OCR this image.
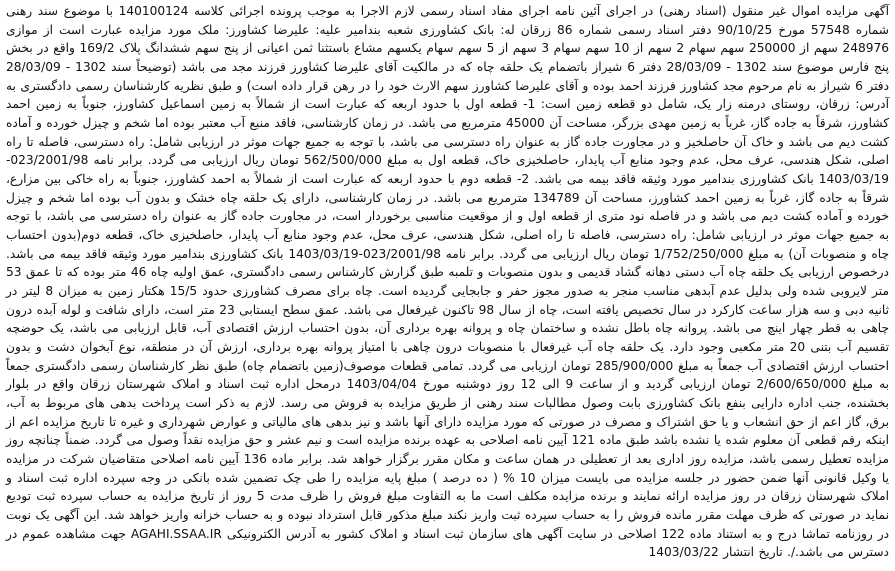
آگهی مزایده اموال غیر منقول (اسناد رهنی) در اجرای آئین نامه اجرای مفاد اسناد رسمی لازم الاجرا به موجب پرونده اجرائی کلاسه 140100124 با موضوع سند رهنی شماره 57548 مورخ 90/10/25 دفتر اسناد رسمی شماره 86 زرقان له: بانک کشاورزی شعبه بندامیر علیه: علیرضا کشاورز: ملک مورد مزایده عبارت است از موازی 248976 سهم از 250000 سهم سهام 2 سهم از 10 سهم سهام 3 سهم از 5 سهم سهام یکسهم مشاع باستثنا ثمن اعیانی از پنج سهم ششدانگ پلاک 169/2 واقع در بخش پنج فارس موضوع سند 1302 - 28/03/09 دفتر 6 شیراز باتضمام یک حلقه چاه که در مالکیت آقای علیرضا کشاورز فرزند مجد می باشد (توضیحاً سند 1302 - 28/03/09 دفتر 6 شیراز به نام مرحوم مجد کشاورز فرزند احمد بوده و آقای علیرضا کشاورز سهم الارث خود را در رهن قرار داده است) و طبق نظریه کارشناسان رسمی دادگستری به آدرس: زرقان، روستای درمنه زار یک، شامل دو قطعه زمین است: 1- قطعه اول با حدود اربعه که عبارت است از شمالاً به زمین اسماعیل کشاورز، جنوباً به زمین احمد کشاورز، شرقاً به جاده گاز، غرباً به زمین مهدی بزرگر، مساحت آن 45000 مترمربع می باشد. در زمان کارشناسی، فاقد منبع آب معتبر بوده اما شخم و چیزل خورده و آماده کشت دیم می باشد و خاک آن حاصلخیز و در مجاورت جاده گاز به عنوان راه دسترسی می باشد، با توجه به جمیع جهات موثر در ارزیابی شامل: راه دسترسی، فاصله تا راه اصلی، شکل هندسی، عرف محل، عدم وجود منابع آب پایدار، حاصلخیزی خاک، قطعه اول به مبلغ 562/500/000 تومان ریال ارزیابی می گردد. برابر نامه 023/2001/98-1403/03/19 بانک کشاورزی بندامیر مورد وثیقه فاقد بیمه می باشد. 2- قطعه دوم با حدود اربعه که عبارت است از شمالاً به احمد کشاورز، جنوباً به راه خاکی بین مزارع، شرقاً به جاده گاز، غرباً به زمین احمد کشاورز، مساحت آن 134789 مترمربع می باشد. در زمان کارشناسی، دارای یک حلقه چاه خشک و بدون آب بوده اما شخم و چیزل خورده و آماده کشت دیم می باشد و در فاصله نود متری از قطعه اول و از موقعیت مناسبی برخوردار است، در مجاورت جاده گاز به عنوان راه دسترسی می باشد، با توجه به جمیع جهات موثر در ارزیابی شامل: راه دسترسی، فاصله تا راه اصلی، شکل هندسی، عرف محل، عدم وجود منابع آب پایدار، حاصلخیزی خاک، قطعه دوم(بدون احتساب چاه و منصوبات آن) به مبلغ 1/752/250/000 تومان ریال ارزیابی می گردد. برابر نامه 023/2001/98-1403/03/19 بانک کشاورزی بندامیر مورد وثیقه فاقد بیمه می باشد. درخصوص ارزیابی یک حلقه چاه آب دستی دهانه گشاد قدیمی و بدون منصوبات و تلمبه طبق گزارش کارشناس رسمی دادگستری، عمق اولیه چاه 46 متر بوده که تا عمق 53 متر لایروبی شده ولی بدلیل عدم آبدهی مناسب منجر به صدور مجوز حفر و جابجایی گردیده است. چاه برای مصرف کشاورزی حدود 15/5 هکتار زمین به میزان 8 لیتر در ثانیه دبی و سه هزار ساعت کارکرد در سال تخصیص یافته است، چاه از سال 98 تاکنون غیرفعال می باشد. عمق سطح ایستابی 23 متر است، دارای شافت و لوله آبده درون چاهی به قطر چهار اینچ می باشد. پروانه چاه باطل نشده و ساختمان چاه و پروانه بهره برداری آن، بدون احتساب ارزش اقتصادی آب، قابل ارزیابی می باشد، یک حوضچه تقسیم آب بتنی 20 متر مکعبی وجود دارد. یک حلقه چاه آب غیرفعال با منصوبات درون چاهی با امتیاز پروانه بهره برداری، ارزش آن در منطقه، نوع آبخوان دشت و بدون احتساب ارزش اقتصادی آب جمعاً به مبلغ 285/900/000 تومان ارزیابی می گردد. تمامی قطعات موصوف(زمین باتضمام چاه) طبق نظر کارشناسان رسمی دادگستری جمعاً به مبلغ 2/600/650/000 تومان ارزیابی گردید و از ساعت 9 الی 12 روز دوشنبه مورخ 1403/04/04 درمحل اداره ثبت اسناد و املاک شهرستان زرقان واقع در بلوار بخشنده، جنب اداره دارایی بنفع بانک کشاورزی بابت وصول مطالبات سند رهنی از طریق مزایده به فروش می رسد. لازم به ذکر است پرداخت بدهی های مربوط به آب، برق، گاز اعم از حق انشعاب و یا حق اشتراک و مصرف در صورتی که مورد مزایده دارای آنها باشد و نیز بدهی های مالیاتی و عوارض شهرداری و غیره تا تاریخ مزایده اعم از اینکه رقم قطعی آن معلوم شده یا نشده باشد طبق ماده 121 آیین نامه اصلاحی به عهده برنده مزایده است و نیم عشر و حق مزایده نقداً وصول می گردد. ضمناً چنانچه روز مزایده تعطیل رسمی باشد، مزایده روز اداری بعد از تعطیلی در همان ساعت و مکان مقرر برگزار خواهد شد. برابر ماده 136 آیین نامه اصلاحی متقاضیان شرکت در مزایده یا وکیل قانونی آنها ضمن حضور در جلسه مزایده می بایست میزان 10 % ( ده درصد ) مبلغ پایه مزایده را طی چک تضمین شده بانکی در وجه سپرده اداره ثبت اسناد و املاک شهرستان زرقان در روز مزایده ارائه نمایند و برنده مزایده مکلف است ما به التفاوت مبلغ فروش را ظرف مدت 5 روز از تاریخ مزایده به حساب سپرده ثبت تودیع نماید در صورتی که ظرف مهلت مقرر مانده فروش را به حساب سپرده ثبت واریز نکند مبلغ مذکور قابل استرداد نبوده و به حساب خزانه واریز خواهد شد. این آگهی یک نوبت در روزنامه تماشا درج و به استناد ماده 122 اصلاحی در سایت آگهی های سازمان ثبت اسناد و املاک کشور به آدرس الکترونیکی AGAHI.SSAA.IR جهت مشاهده عموم در دسترس می باشد./. تاریخ انتشار 1403/03/22
